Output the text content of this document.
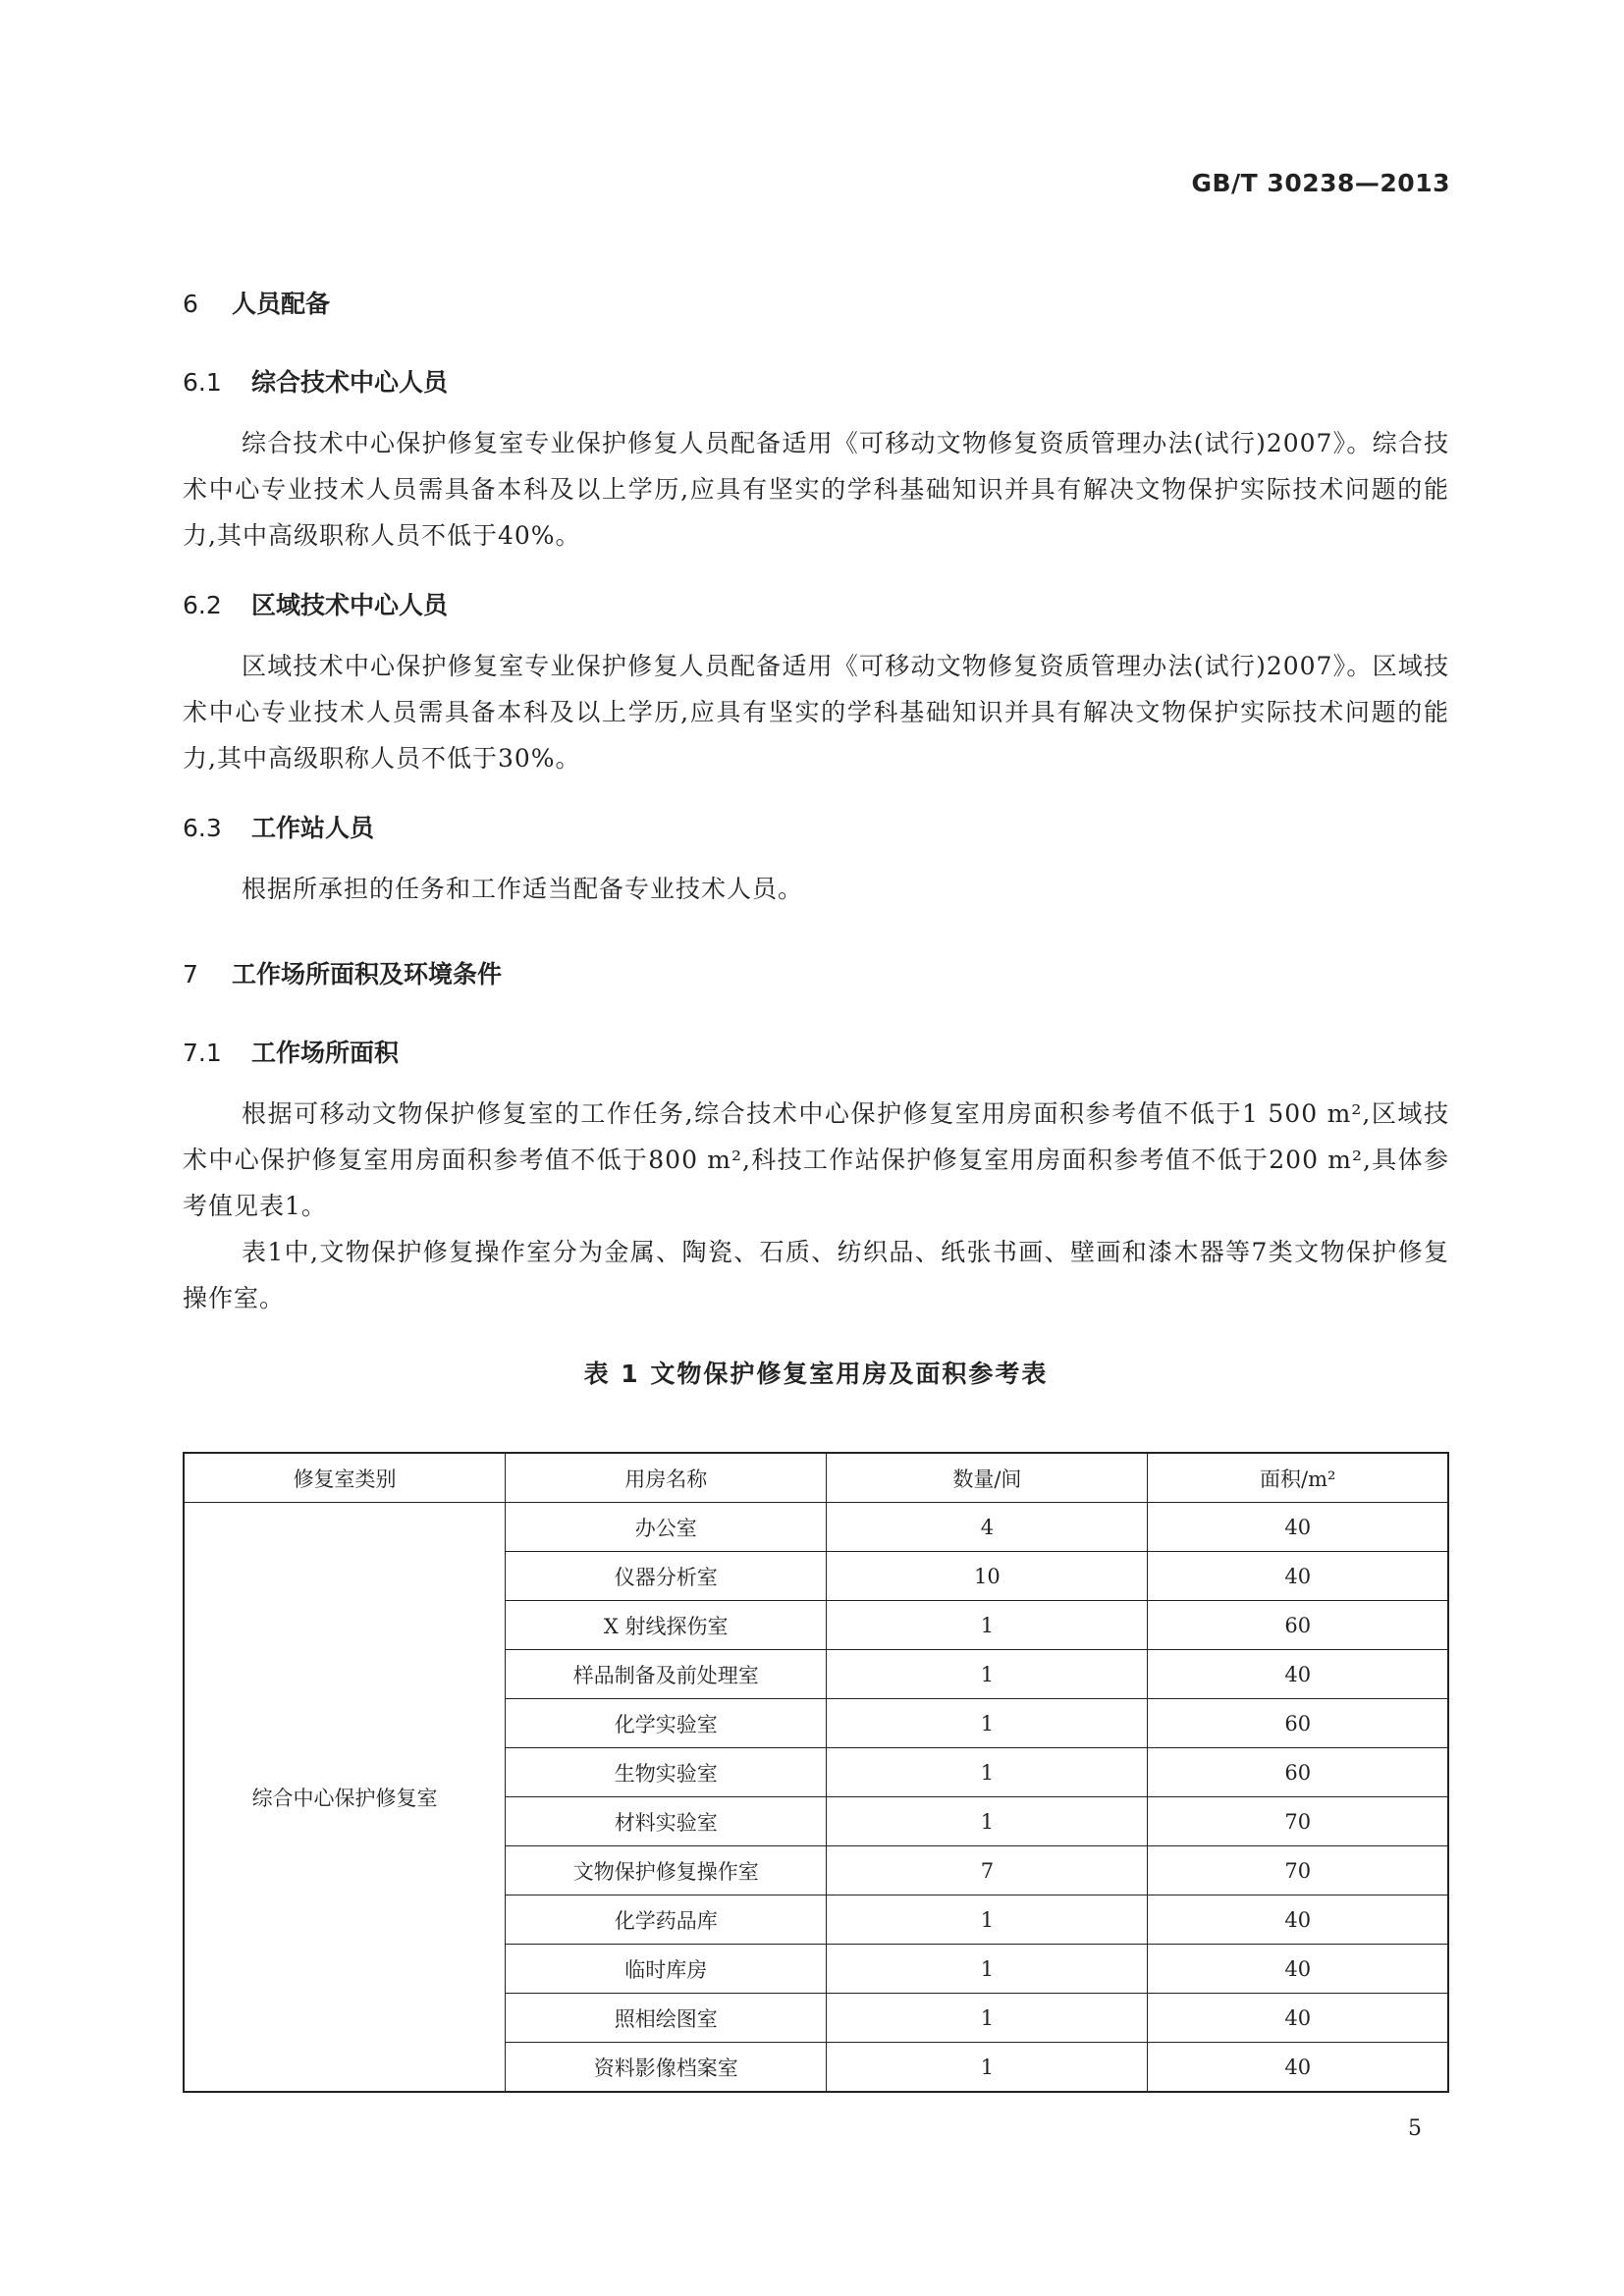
GB/T 30238—2013
6 人员配备
6.1 综合技术中心人员

综合技术中心保护修复室专业保护修复人员配备适用《可移动文物修复资质管理办法(试行)2007》。综合技术中心专业技术人员需具备本科及以上学历,应具有坚实的学科基础知识并具有解决文物保护实际技术问题的能力,其中高级职称人员不低于40%。

6.2 区域技术中心人员

区域技术中心保护修复室专业保护修复人员配备适用《可移动文物修复资质管理办法(试行)2007》。区域技术中心专业技术人员需具备本科及以上学历,应具有坚实的学科基础知识并具有解决文物保护实际技术问题的能力,其中高级职称人员不低于30%。

6.3 工作站人员

根据所承担的任务和工作适当配备专业技术人员。

7 工作场所面积及环境条件
7.1 工作场所面积

根据可移动文物保护修复室的工作任务,综合技术中心保护修复室用房面积参考值不低于1 500 m²,区域技术中心保护修复室用房面积参考值不低于800 m²,科技工作站保护修复室用房面积参考值不低于200 m²,具体参考值见表1。

表1中,文物保护修复操作室分为金属、陶瓷、石质、纺织品、纸张书画、壁画和漆木器等7类文物保护修复操作室。

表 1 文物保护修复室用房及面积参考表
修复室类别	用房名称	数量/间	面积/m²
综合中心保护修复室	办公室	4	40
	仪器分析室	10	40
	X 射线探伤室	1	60
	样品制备及前处理室	1	40
	化学实验室	1	60
	生物实验室	1	60
	材料实验室	1	70
	文物保护修复操作室	7	70
	化学药品库	1	40
	临时库房	1	40
	照相绘图室	1	40
	资料影像档案室	1	40
5
